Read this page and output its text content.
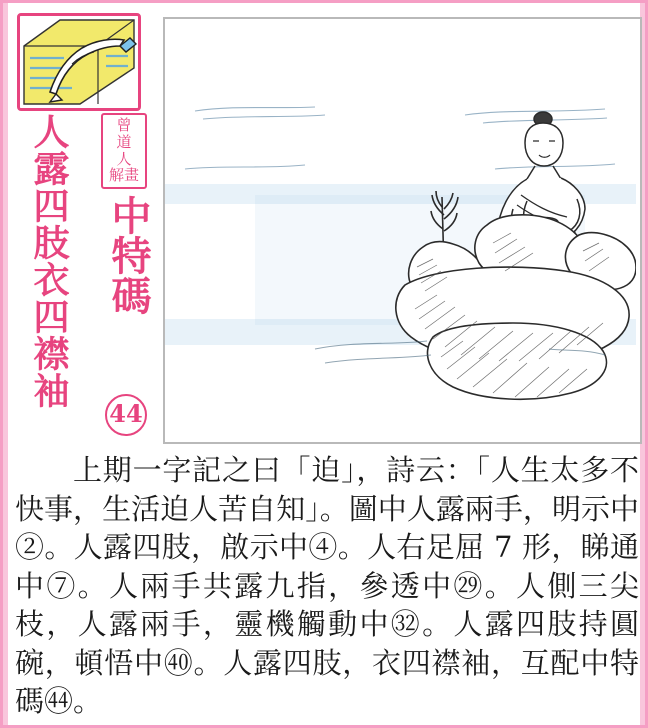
人露四肢衣四襟袖	曾
道
人
解畫
中特碼
44

上期一字記之曰「迫」，詩云：「人生太多不快事，生活迫人苦自知」。圖中人露兩手，明示中②。人露四肢，啟示中④。人右足屈 7 形，睇通中⑦。人兩手共露九指，參透中㉙。人側三尖枝，人露兩手，靈機觸動中㉜。人露四肢持圓碗，頓悟中㊵。人露四肢，衣四襟袖，互配中特碼㊹。
